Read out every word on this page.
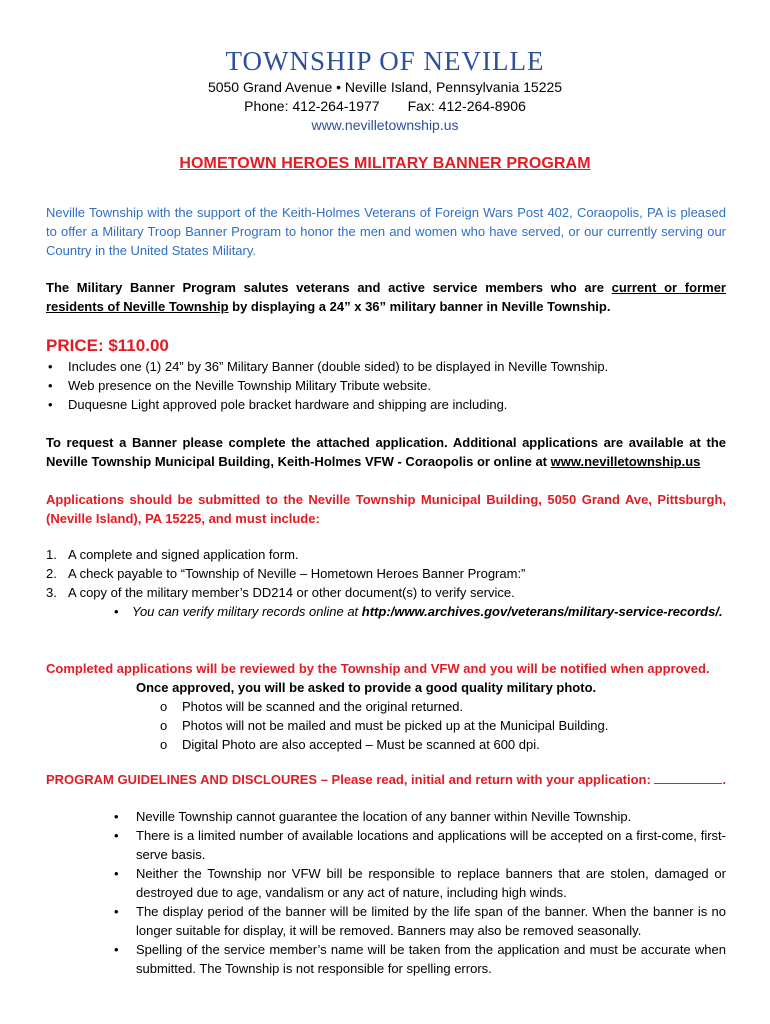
TOWNSHIP OF NEVILLE
5050 Grand Avenue • Neville Island, Pennsylvania 15225
Phone: 412-264-1977 Fax: 412-264-8906
www.nevilletownship.us
HOMETOWN HEROES MILITARY BANNER PROGRAM
Neville Township with the support of the Keith-Holmes Veterans of Foreign Wars Post 402, Coraopolis, PA is pleased to offer a Military Troop Banner Program to honor the men and women who have served, or our currently serving our Country in the United States Military.
The Military Banner Program salutes veterans and active service members who are current or former residents of Neville Township by displaying a 24” x 36” military banner in Neville Township.
PRICE: $110.00
• Includes one (1) 24” by 36” Military Banner (double sided) to be displayed in Neville Township.
• Web presence on the Neville Township Military Tribute website.
• Duquesne Light approved pole bracket hardware and shipping are including.
To request a Banner please complete the attached application. Additional applications are available at the Neville Township Municipal Building, Keith-Holmes VFW - Coraopolis or online at www.nevilletownship.us
Applications should be submitted to the Neville Township Municipal Building, 5050 Grand Ave, Pittsburgh, (Neville Island), PA 15225, and must include:
1. A complete and signed application form.
2. A check payable to “Township of Neville – Hometown Heroes Banner Program:”
3. A copy of the military member’s DD214 or other document(s) to verify service.
• You can verify military records online at http:/www.archives.gov/veterans/military-service-records/.
Completed applications will be reviewed by the Township and VFW and you will be notified when approved.
Once approved, you will be asked to provide a good quality military photo.
o Photos will be scanned and the original returned.
o Photos will not be mailed and must be picked up at the Municipal Building.
o Digital Photo are also accepted – Must be scanned at 600 dpi.
PROGRAM GUIDELINES AND DISCLOURES – Please read, initial and return with your application:	.
• Neville Township cannot guarantee the location of any banner within Neville Township.
• There is a limited number of available locations and applications will be accepted on a first-come, first-serve basis.
• Neither the Township nor VFW bill be responsible to replace banners that are stolen, damaged or destroyed due to age, vandalism or any act of nature, including high winds.
• The display period of the banner will be limited by the life span of the banner. When the banner is no longer suitable for display, it will be removed. Banners may also be removed seasonally.
• Spelling of the service member’s name will be taken from the application and must be accurate when submitted. The Township is not responsible for spelling errors.
